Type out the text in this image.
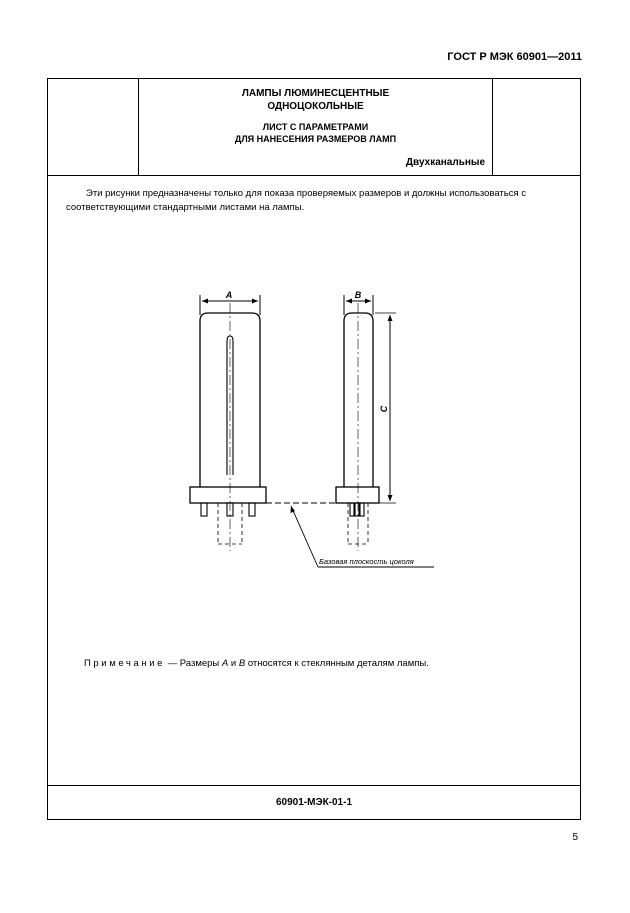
ГОСТ Р МЭК 60901—2011
ЛАМПЫ ЛЮМИНЕСЦЕНТНЫЕ
ОДНОЦОКОЛЬНЫЕ
ЛИСТ С ПАРАМЕТРАМИ
ДЛЯ НАНЕСЕНИЯ РАЗМЕРОВ ЛАМП
Двухканальные

Эти рисунки предназначены только для показа проверяемых размеров и должны использоваться с соответствующими стандартными листами на лампы.

A	B
C
Базовая плоскость цоколя
Примечание — Размеры A и B относятся к стеклянным деталям лампы.
60901-МЭК-01-1
5
